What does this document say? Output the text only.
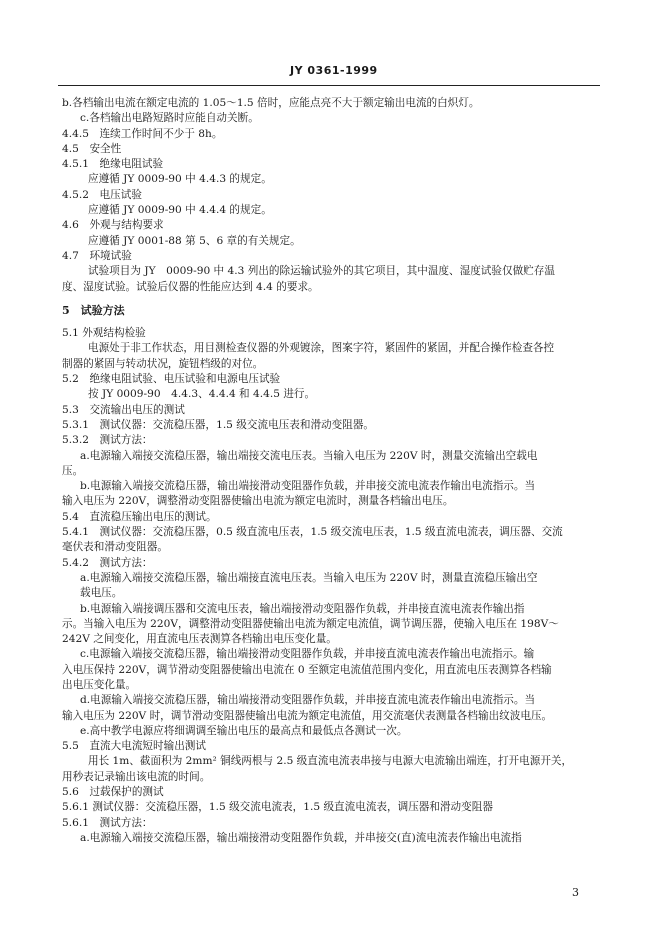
JY 0361-1999
b.各档输出电流在额定电流的 1.05～1.5 倍时，应能点亮不大于额定输出电流的白炽灯。
c.各档输出电路短路时应能自动关断。
4.4.5　连续工作时间不少于 8h。
4.5　安全性
4.5.1　绝缘电阻试验
应遵循 JY 0009-90 中 4.4.3 的规定。
4.5.2　电压试验
应遵循 JY 0009-90 中 4.4.4 的规定。
4.6　外观与结构要求
应遵循 JY 0001-88 第 5、6 章的有关规定。
4.7　环境试验
试验项目为 JY　0009-90 中 4.3 列出的除运输试验外的其它项目，其中温度、湿度试验仅做贮存温
度、湿度试验。试验后仪器的性能应达到 4.4 的要求。
5　试验方法
5.1 外观结构检验
电源处于非工作状态，用目测检查仪器的外观镀涂，图案字符，紧固件的紧固，并配合操作检查各控
制器的紧固与转动状况，旋钮档级的对位。
5.2　绝缘电阻试验、电压试验和电源电压试验
按 JY 0009-90　4.4.3、4.4.4 和 4.4.5 进行。
5.3　交流输出电压的测试
5.3.1　测试仪器：交流稳压器，1.5 级交流电压表和滑动变阻器。
5.3.2　测试方法：
a.电源输入端接交流稳压器，输出端接交流电压表。当输入电压为 220V 时，测量交流输出空载电
压。
b.电源输入端接交流稳压器，输出端接滑动变阻器作负载，并串接交流电流表作输出电流指示。当
输入电压为 220V，调整滑动变阻器使输出电流为额定电流时，测量各档输出电压。
5.4　直流稳压输出电压的测试。
5.4.1　测试仪器：交流稳压器，0.5 级直流电压表，1.5 级交流电压表，1.5 级直流电流表，调压器、交流
毫伏表和滑动变阻器。
5.4.2　测试方法：
a.电源输入端接交流稳压器，输出端接直流电压表。当输入电压为 220V 时，测量直流稳压输出空
载电压。
b.电源输入端接调压器和交流电压表，输出端接滑动变阻器作负载，并串接直流电流表作输出指
示。当输入电压为 220V，调整滑动变阻器使输出电流为额定电流值，调节调压器，使输入电压在 198V～
242V 之间变化，用直流电压表测算各档输出电压变化量。
c.电源输入端接交流稳压器，输出端接滑动变阻器作负载，并串接直流电流表作输出电流指示。输
入电压保持 220V，调节滑动变阻器使输出电流在 0 至额定电流值范围内变化，用直流电压表测算各档输
出电压变化量。
d.电源输入端接交流稳压器，输出端接滑动变阻器作负载，并串接直流电流表作输出电流指示。当
输入电压为 220V 时，调节滑动变阻器使输出电流为额定电流值，用交流毫伏表测量各档输出纹波电压。
e.高中教学电源应将细调调至输出电压的最高点和最低点各测试一次。
5.5　直流大电流短时输出测试
用长 1m、截面积为 2mm² 铜线两根与 2.5 级直流电流表串接与电源大电流输出端连，打开电源开关，
用秒表记录输出该电流的时间。
5.6　过载保护的测试
5.6.1 测试仪器：交流稳压器，1.5 级交流电流表，1.5 级直流电流表，调压器和滑动变阻器
5.6.1　测试方法：
a.电源输入端接交流稳压器，输出端接滑动变阻器作负载，并串接交(直)流电流表作输出电流指
3
